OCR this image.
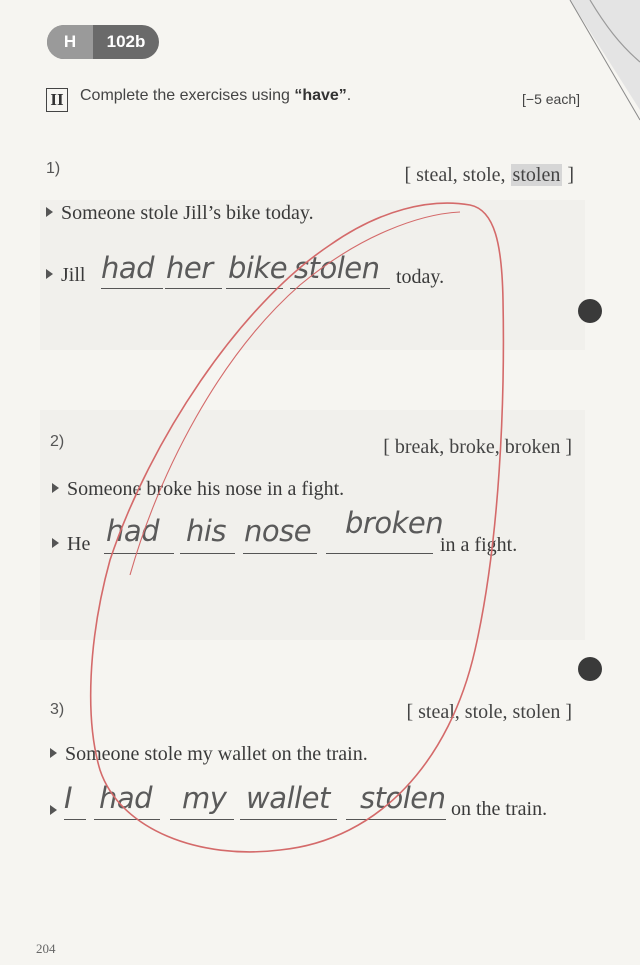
H	102b
II Complete the exercises using “have”.	[−5 each]
1)	[ steal, stole, stolen ]
Someone stole Jill’s bike today.
Jill had her bike stolen today.
2)	[ break, broke, broken ]
Someone broke his nose in a fight.
He had his nose broken
in a fight.
3)	[ steal, stole, stolen ]
Someone stole my wallet on the train.
I had my wallet stolen on the train.
204
